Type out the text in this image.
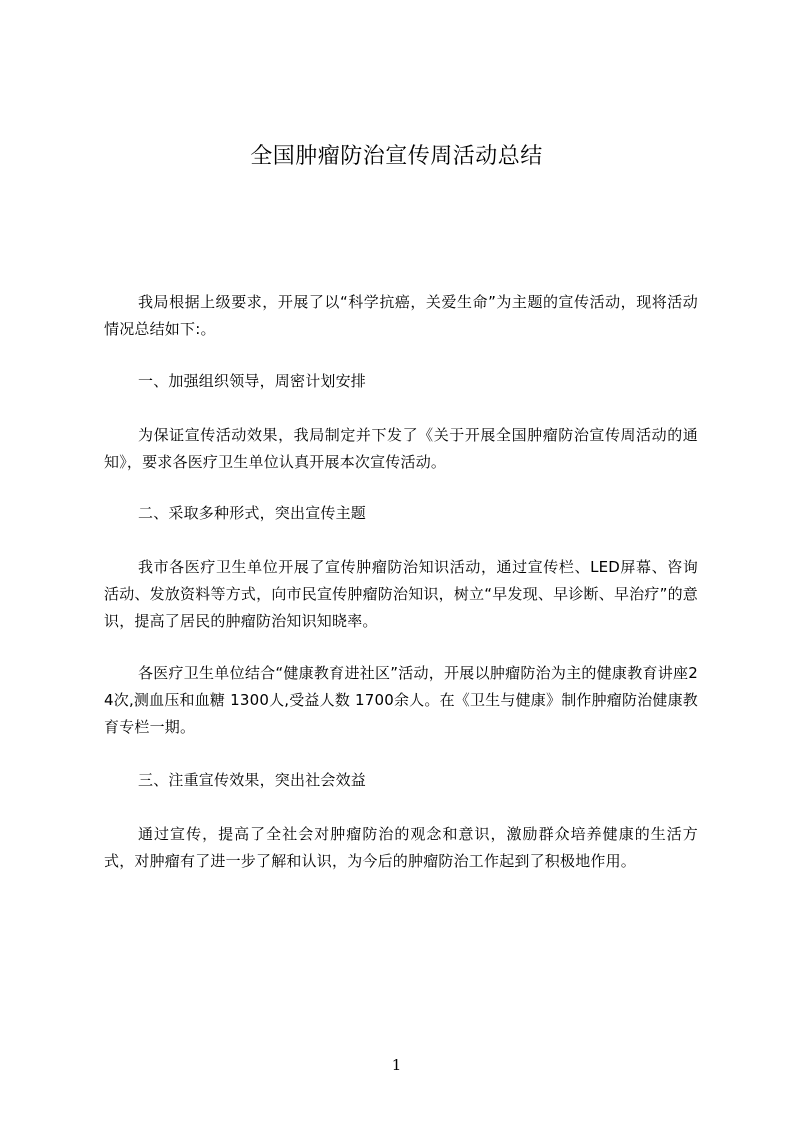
全国肿瘤防治宣传周活动总结
我局根据上级要求，开展了以“科学抗癌，关爱生命”为主题的宣传活动，现将活动情况总结如下:。
一、加强组织领导，周密计划安排
为保证宣传活动效果，我局制定并下发了《关于开展全国肿瘤防治宣传周活动的通知》，要求各医疗卫生单位认真开展本次宣传活动。
二、采取多种形式，突出宣传主题
我市各医疗卫生单位开展了宣传肿瘤防治知识活动，通过宣传栏、LED屏幕、咨询活动、发放资料等方式，向市民宣传肿瘤防治知识，树立“早发现、早诊断、早治疗”的意识，提高了居民的肿瘤防治知识知晓率。
各医疗卫生单位结合“健康教育进社区”活动，开展以肿瘤防治为主的健康教育讲座24次,测血压和血糖 1300人,受益人数 1700余人。在《卫生与健康》制作肿瘤防治健康教育专栏一期。
三、注重宣传效果，突出社会效益
通过宣传，提高了全社会对肿瘤防治的观念和意识，激励群众培养健康的生活方式，对肿瘤有了进一步了解和认识，为今后的肿瘤防治工作起到了积极地作用。
1
